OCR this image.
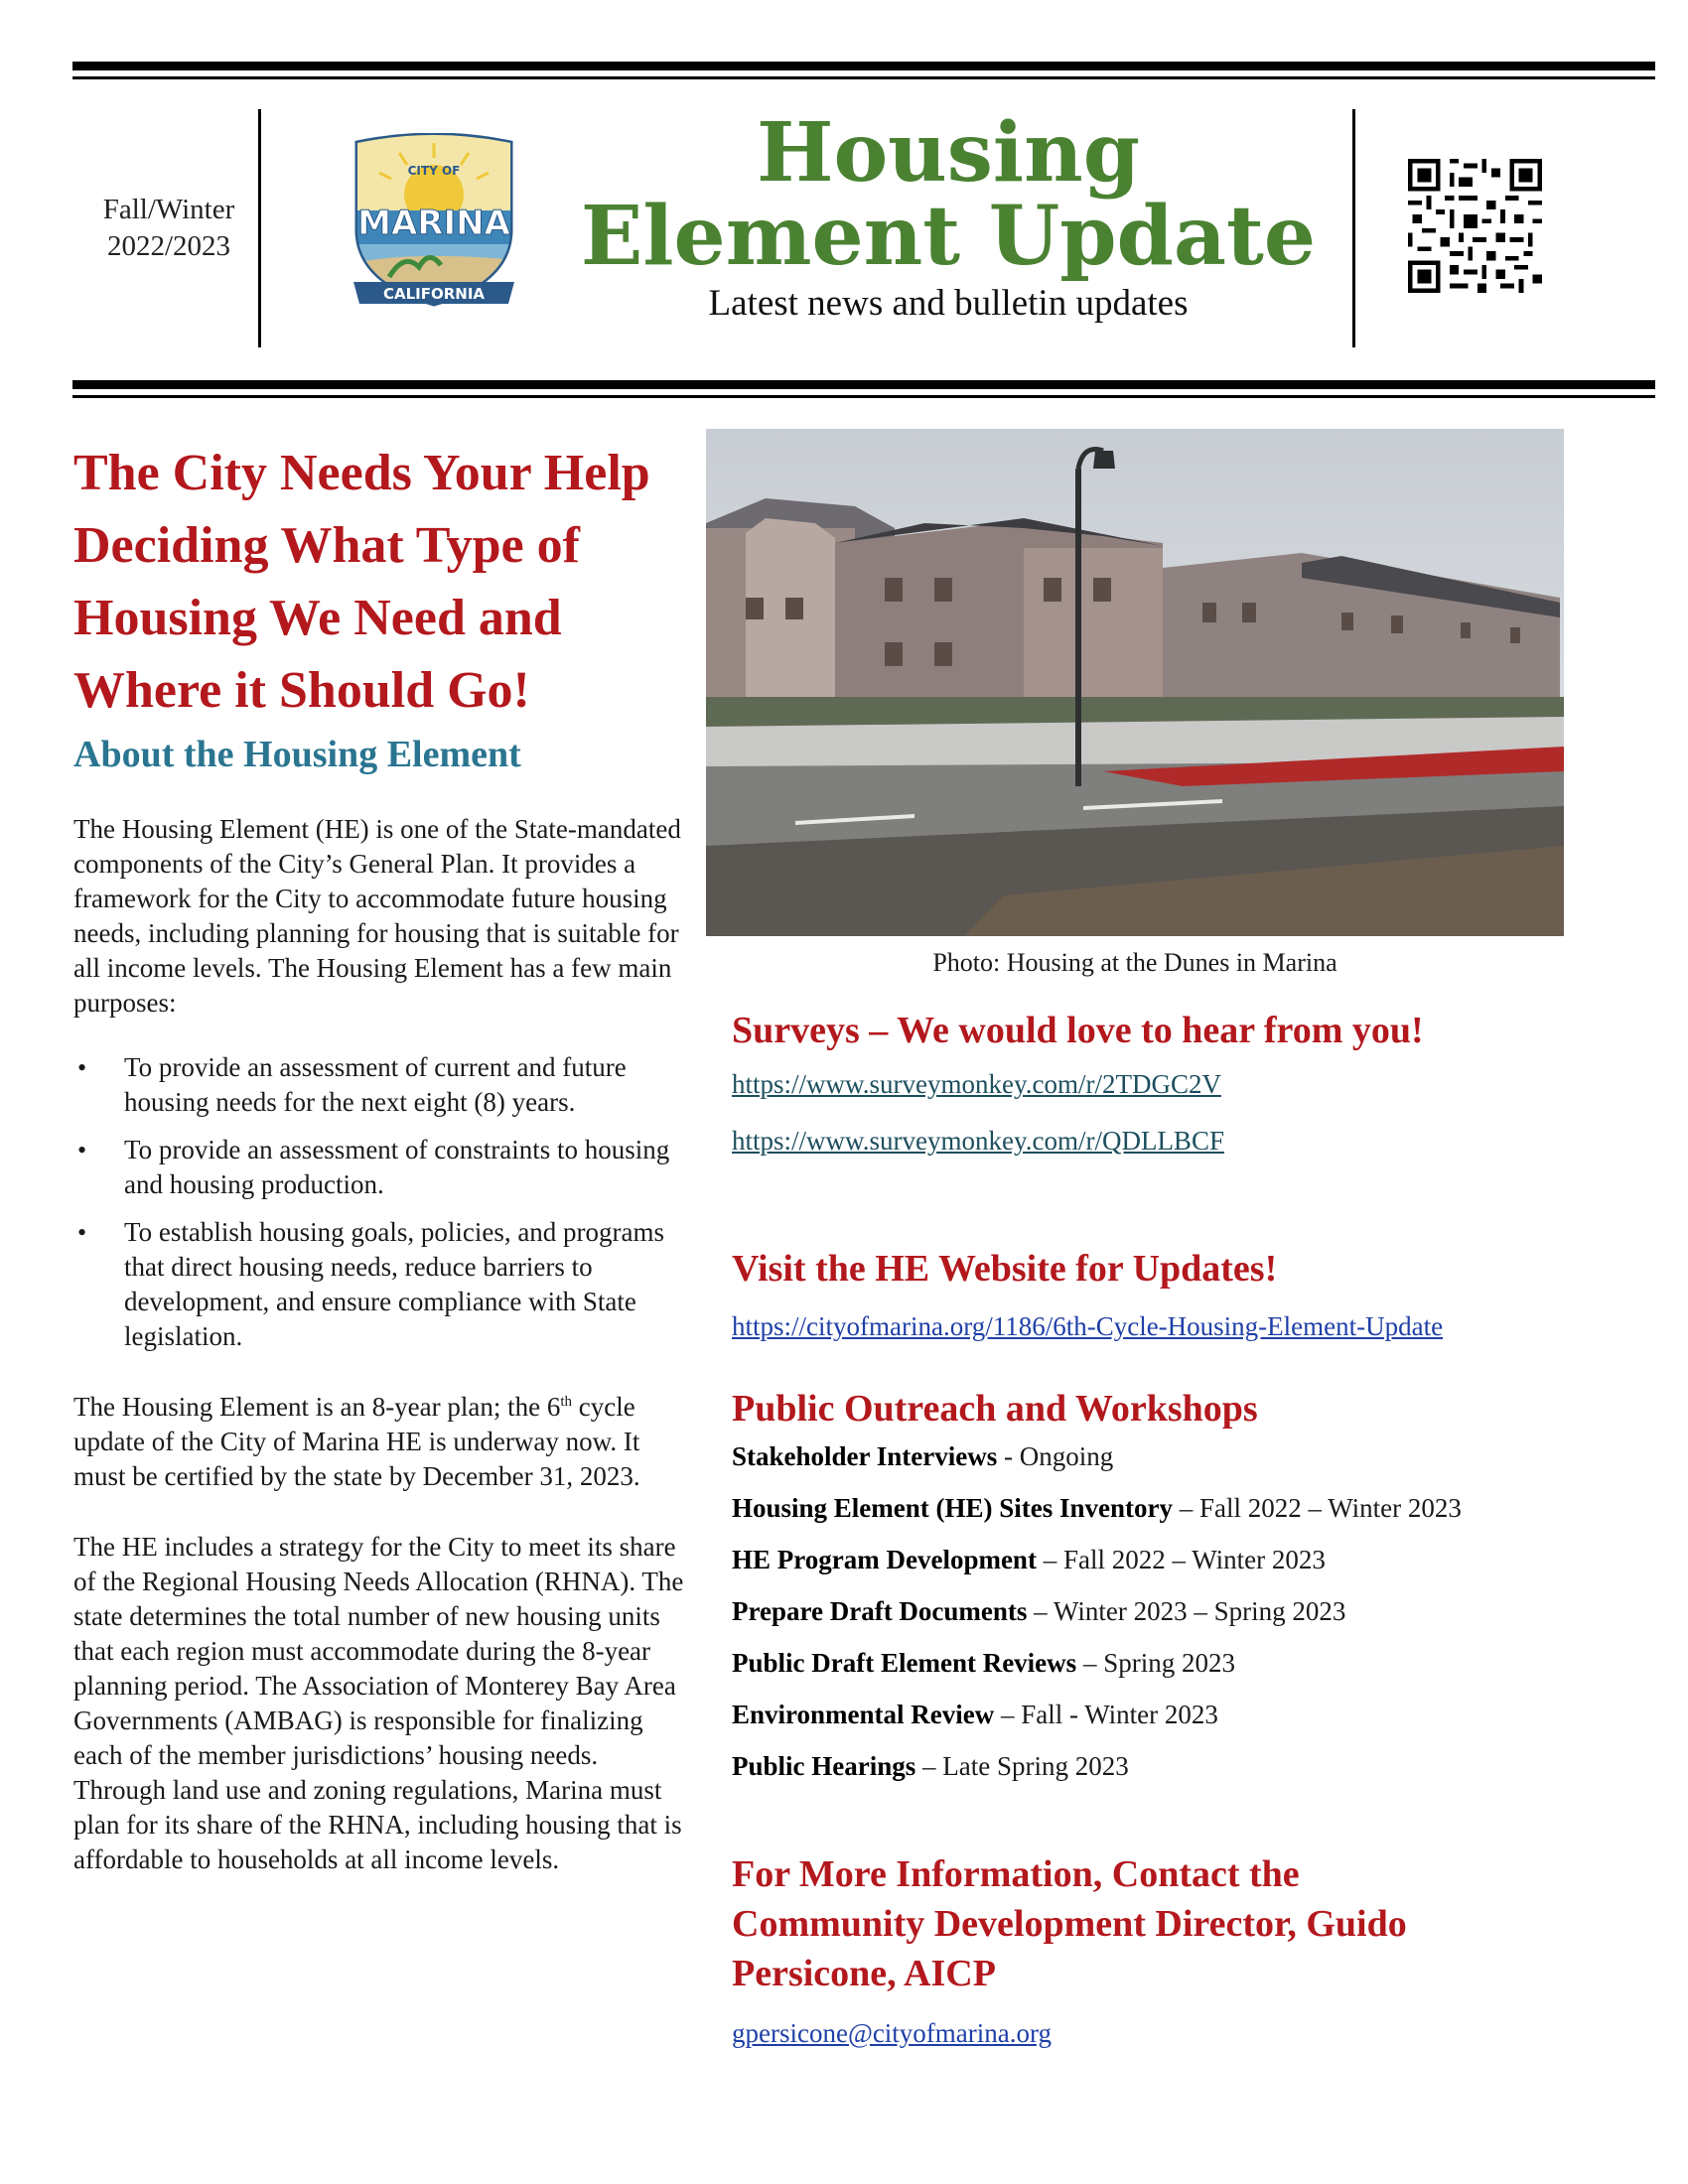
Fall/Winter
2022/2023
CITY OF
MARINA
CALIFORNIA
Housing
Element Update
Latest news and bulletin updates
The City Needs Your Help Deciding What Type of Housing We Need and Where it Should Go!
About the Housing Element

The Housing Element (HE) is one of the State-mandated components of the City’s General Plan. It provides a framework for the City to accommodate future housing needs, including planning for housing that is suitable for all income levels. The Housing Element has a few main purposes:

•	To provide an assessment of current and future housing needs for the next eight (8) years.
•	To provide an assessment of constraints to housing and housing production.
•	To establish housing goals, policies, and programs that direct housing needs, reduce barriers to development, and ensure compliance with State legislation.

The Housing Element is an 8-year plan; the 6th cycle update of the City of Marina HE is underway now. It must be certified by the state by December 31, 2023.

The HE includes a strategy for the City to meet its share of the Regional Housing Needs Allocation (RHNA). The state determines the total number of new housing units that each region must accommodate during the 8-year planning period. The Association of Monterey Bay Area Governments (AMBAG) is responsible for finalizing each of the member jurisdictions’ housing needs. Through land use and zoning regulations, Marina must plan for its share of the RHNA, including housing that is affordable to households at all income levels.

Photo: Housing at the Dunes in Marina
Surveys – We would love to hear from you!
https://www.surveymonkey.com/r/2TDGC2V
https://www.surveymonkey.com/r/QDLLBCF
Visit the HE Website for Updates!
https://cityofmarina.org/1186/6th-Cycle-Housing-Element-Update
Public Outreach and Workshops
Stakeholder Interviews - Ongoing
Housing Element (HE) Sites Inventory – Fall 2022 – Winter 2023
HE Program Development – Fall 2022 – Winter 2023
Prepare Draft Documents – Winter 2023 – Spring 2023
Public Draft Element Reviews – Spring 2023
Environmental Review – Fall - Winter 2023
Public Hearings – Late Spring 2023
For More Information, Contact the Community Development Director, Guido Persicone, AICP
gpersicone@cityofmarina.org
